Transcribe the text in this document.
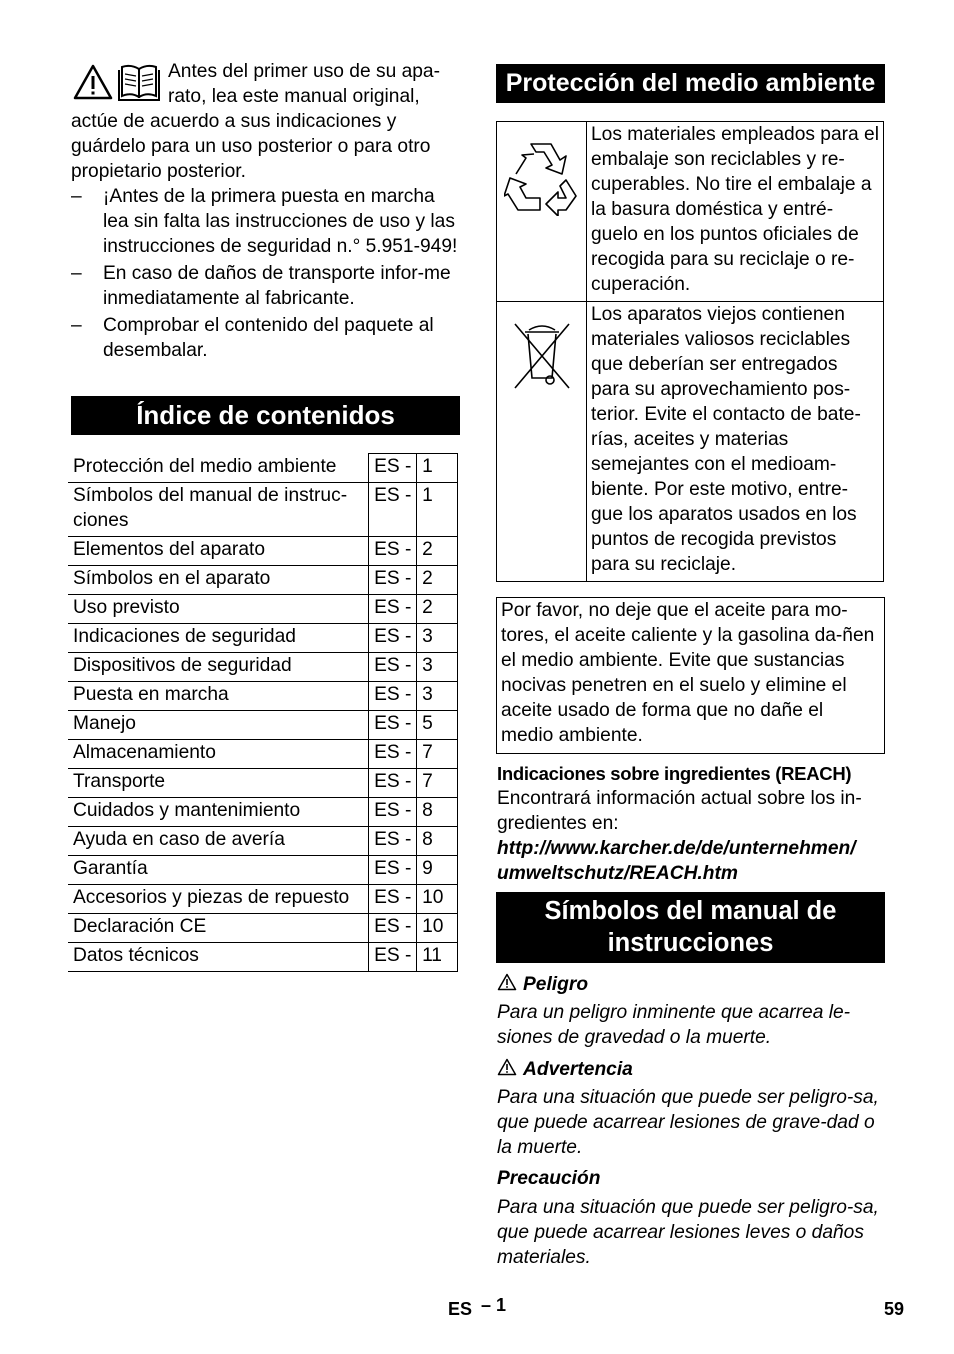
Antes del primer uso de su apa-

rato, lea este manual original,

actúe de acuerdo a sus indicaciones y guárdelo para un uso posterior o para otro propietario posterior.

– ¡Antes de la primera puesta en marcha lea sin falta las instrucciones de uso y las instrucciones de seguridad n.° 5.951-949!
– En caso de daños de transporte infor-me inmediatamente al fabricante.
– Comprobar el contenido del paquete al desembalar.
Índice de contenidos
Protección del medio ambiente	ES -	1
Símbolos del manual de instruc-ciones	ES -	1
Elementos del aparato	ES -	2
Símbolos en el aparato	ES -	2
Uso previsto	ES -	2
Indicaciones de seguridad	ES -	3
Dispositivos de seguridad	ES -	3
Puesta en marcha	ES -	3
Manejo	ES -	5
Almacenamiento	ES -	7
Transporte	ES -	7
Cuidados y mantenimiento	ES -	8
Ayuda en caso de avería	ES -	8
Garantía	ES -	9
Accesorios y piezas de repuesto	ES -	10
Declaración CE	ES -	10
Datos técnicos	ES -	11
Protección del medio ambiente
	Los materiales empleados para el embalaje son reciclables y re-cuperables. No tire el embalaje a la basura doméstica y entré-guelo en los puntos oficiales de recogida para su reciclaje o re-cuperación.
	Los aparatos viejos contienen materiales valiosos reciclables que deberían ser entregados para su aprovechamiento pos-terior. Evite el contacto de bate-rías, aceites y materias semejantes con el medioam-biente. Por este motivo, entre-gue los aparatos usados en los puntos de recogida previstos para su reciclaje.
Por favor, no deje que el aceite para mo-tores, el aceite caliente y la gasolina da-ñen el medio ambiente. Evite que sustancias nocivas penetren en el suelo y elimine el aceite usado de forma que no dañe el medio ambiente.
Indicaciones sobre ingredientes (REACH)
Encontrará información actual sobre los in-gredientes en:

http://www.karcher.de/de/unternehmen/

umweltschutz/REACH.htm

Símbolos del manual de

instrucciones

Peligro

Para un peligro inminente que acarrea le-siones de gravedad o la muerte.

Advertencia

Para una situación que puede ser peligro-sa, que puede acarrear lesiones de grave-dad o la muerte.

Precaución

Para una situación que puede ser peligro-sa, que puede acarrear lesiones leves o daños materiales.

ES – 1	59
